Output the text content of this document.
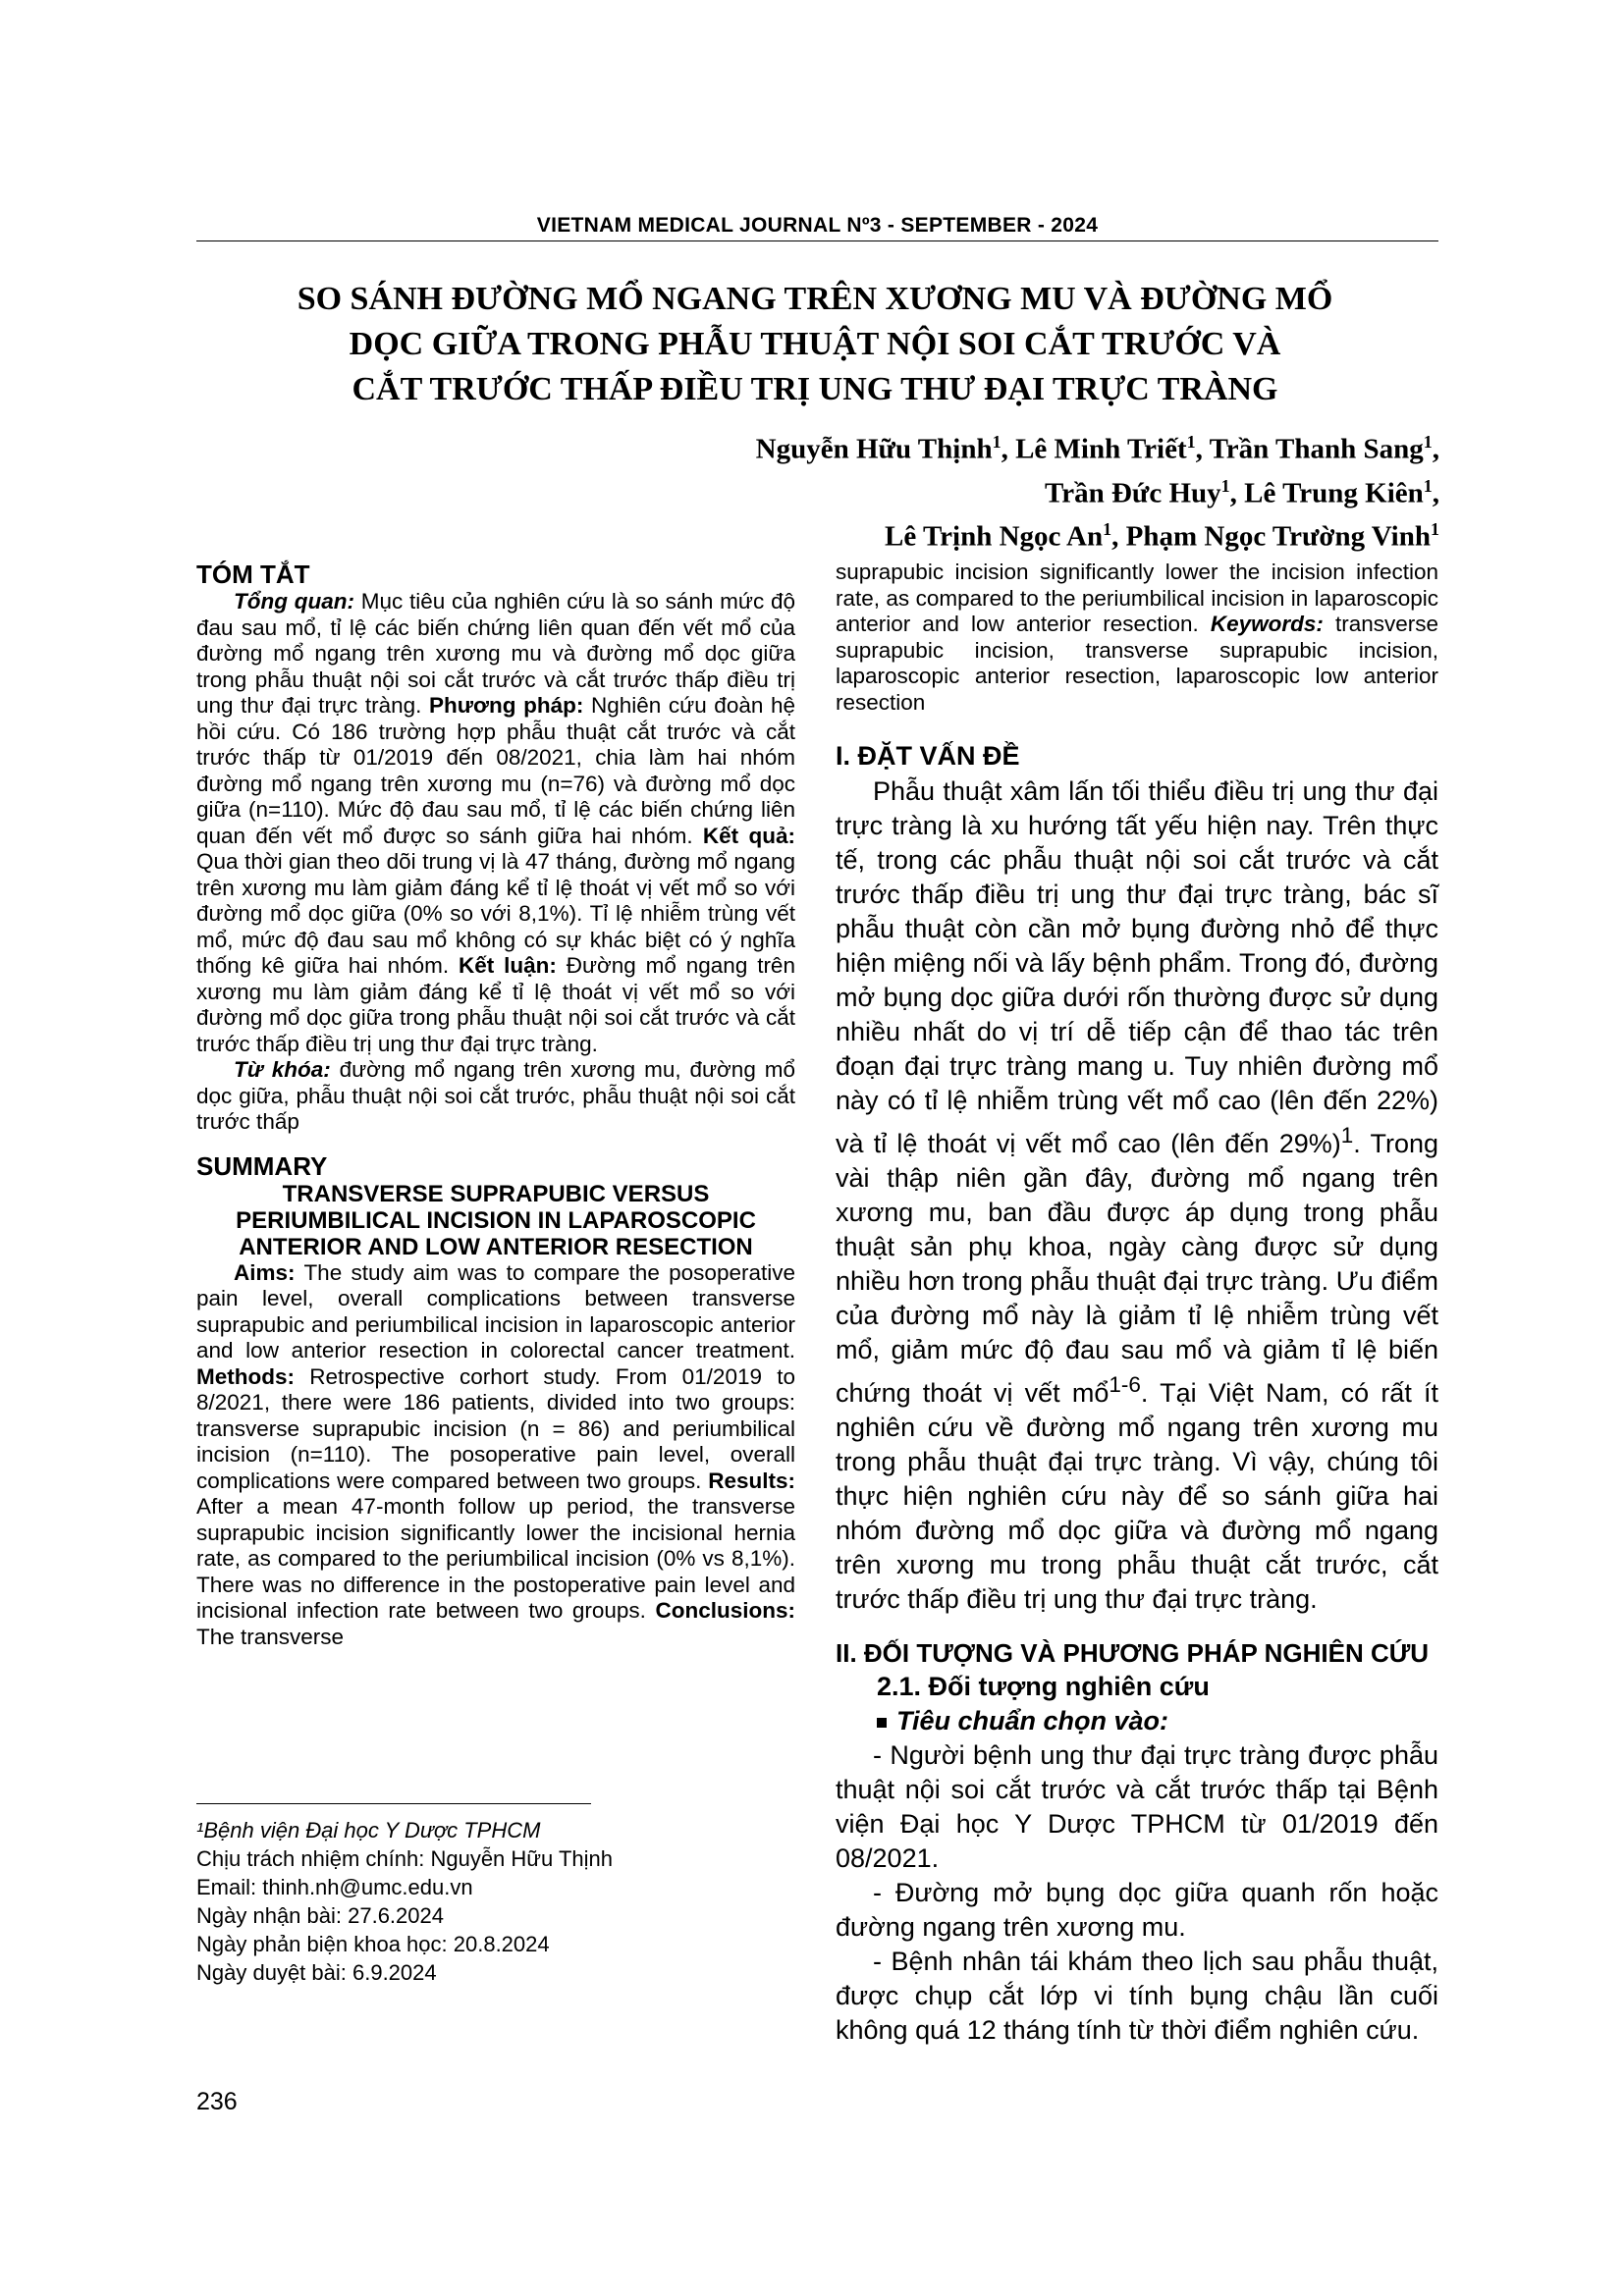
VIETNAM MEDICAL JOURNAL Nº3 - SEPTEMBER - 2024
SO SÁNH ĐƯỜNG MỔ NGANG TRÊN XƯƠNG MU VÀ ĐƯỜNG MỔ
DỌC GIỮA TRONG PHẪU THUẬT NỘI SOI CẮT TRƯỚC VÀ
CẮT TRƯỚC THẤP ĐIỀU TRỊ UNG THƯ ĐẠI TRỰC TRÀNG
Nguyễn Hữu Thịnh$^1$, Lê Minh Triết$^1$, Trần Thanh Sang$^1$,
Trần Đức Huy$^1$, Lê Trung Kiên$^1$,
Lê Trịnh Ngọc An$^1$, Phạm Ngọc Trường Vinh$^1$

TÓM TẮT

Tổng quan: Mục tiêu của nghiên cứu là so sánh mức độ đau sau mổ, tỉ lệ các biến chứng liên quan đến vết mổ của đường mổ ngang trên xương mu và đường mổ dọc giữa trong phẫu thuật nội soi cắt trước và cắt trước thấp điều trị ung thư đại trực tràng. Phương pháp: Nghiên cứu đoàn hệ hồi cứu. Có 186 trường hợp phẫu thuật cắt trước và cắt trước thấp từ 01/2019 đến 08/2021, chia làm hai nhóm đường mổ ngang trên xương mu (n=76) và đường mổ dọc giữa (n=110). Mức độ đau sau mổ, tỉ lệ các biến chứng liên quan đến vết mổ được so sánh giữa hai nhóm. Kết quả: Qua thời gian theo dõi trung vị là 47 tháng, đường mổ ngang trên xương mu làm giảm đáng kể tỉ lệ thoát vị vết mổ so với đường mổ dọc giữa (0% so với 8,1%). Tỉ lệ nhiễm trùng vết mổ, mức độ đau sau mổ không có sự khác biệt có ý nghĩa thống kê giữa hai nhóm. Kết luận: Đường mổ ngang trên xương mu làm giảm đáng kể tỉ lệ thoát vị vết mổ so với đường mổ dọc giữa trong phẫu thuật nội soi cắt trước và cắt trước thấp điều trị ung thư đại trực tràng.

Từ khóa: đường mổ ngang trên xương mu, đường mổ dọc giữa, phẫu thuật nội soi cắt trước, phẫu thuật nội soi cắt trước thấp

SUMMARY

TRANSVERSE SUPRAPUBIC VERSUS PERIUMBILICAL INCISION IN LAPAROSCOPIC ANTERIOR AND LOW ANTERIOR RESECTION

Aims: The study aim was to compare the posoperative pain level, overall complications between transverse suprapubic and periumbilical incision in laparoscopic anterior and low anterior resection in colorectal cancer treatment. Methods: Retrospective corhort study. From 01/2019 to 8/2021, there were 186 patients, divided into two groups: transverse suprapubic incision (n = 86) and periumbilical incision (n=110). The posoperative pain level, overall complications were compared between two groups. Results: After a mean 47-month follow up period, the transverse suprapubic incision significantly lower the incisional hernia rate, as compared to the periumbilical incision (0% vs 8,1%). There was no difference in the postoperative pain level and incisional infection rate between two groups. Conclusions: The transverse

¹Bệnh viện Đại học Y Dược TPHCM
Chịu trách nhiệm chính: Nguyễn Hữu Thịnh
Email: thinh.nh@umc.edu.vn
Ngày nhận bài: 27.6.2024
Ngày phản biện khoa học: 20.8.2024
Ngày duyệt bài: 6.9.2024
236

suprapubic incision significantly lower the incision infection rate, as compared to the periumbilical incision in laparoscopic anterior and low anterior resection. Keywords: transverse suprapubic incision, transverse suprapubic incision, laparoscopic anterior resection, laparoscopic low anterior resection

I. ĐẶT VẤN ĐỀ

Phẫu thuật xâm lấn tối thiểu điều trị ung thư đại trực tràng là xu hướng tất yếu hiện nay. Trên thực tế, trong các phẫu thuật nội soi cắt trước và cắt trước thấp điều trị ung thư đại trực tràng, bác sĩ phẫu thuật còn cần mở bụng đường nhỏ để thực hiện miệng nối và lấy bệnh phẩm. Trong đó, đường mở bụng dọc giữa dưới rốn thường được sử dụng nhiều nhất do vị trí dễ tiếp cận để thao tác trên đoạn đại trực tràng mang u. Tuy nhiên đường mổ này có tỉ lệ nhiễm trùng vết mổ cao (lên đến 22%) và tỉ lệ thoát vị vết mổ cao (lên đến 29%)$^1$. Trong vài thập niên gần đây, đường mổ ngang trên xương mu, ban đầu được áp dụng trong phẫu thuật sản phụ khoa, ngày càng được sử dụng nhiều hơn trong phẫu thuật đại trực tràng. Ưu điểm của đường mổ này là giảm tỉ lệ nhiễm trùng vết mổ, giảm mức độ đau sau mổ và giảm tỉ lệ biến chứng thoát vị vết mổ$^{1-6}$. Tại Việt Nam, có rất ít nghiên cứu về đường mổ ngang trên xương mu trong phẫu thuật đại trực tràng. Vì vậy, chúng tôi thực hiện nghiên cứu này để so sánh giữa hai nhóm đường mổ dọc giữa và đường mổ ngang trên xương mu trong phẫu thuật cắt trước, cắt trước thấp điều trị ung thư đại trực tràng.

II. ĐỐI TƯỢNG VÀ PHƯƠNG PHÁP NGHIÊN CỨU

2.1. Đối tượng nghiên cứu

Tiêu chuẩn chọn vào:

- Người bệnh ung thư đại trực tràng được phẫu thuật nội soi cắt trước và cắt trước thấp tại Bệnh viện Đại học Y Dược TPHCM từ 01/2019 đến 08/2021.

- Đường mở bụng dọc giữa quanh rốn hoặc đường ngang trên xương mu.

- Bệnh nhân tái khám theo lịch sau phẫu thuật, được chụp cắt lớp vi tính bụng chậu lần cuối không quá 12 tháng tính từ thời điểm nghiên cứu.
